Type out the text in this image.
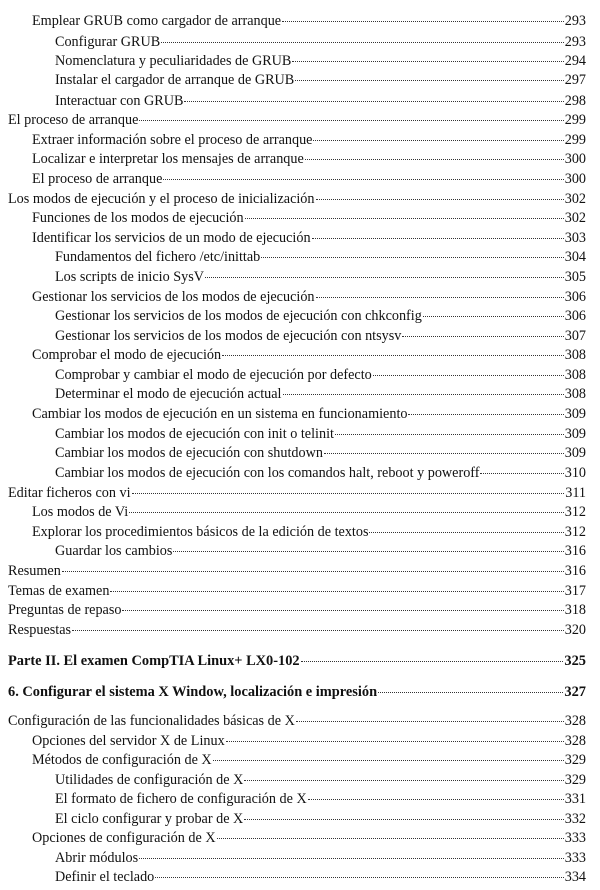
Emplear GRUB como cargador de arranque	293
Configurar GRUB	293
Nomenclatura y peculiaridades de GRUB	294
Instalar el cargador de arranque de GRUB	297
Interactuar con GRUB	298
El proceso de arranque	299
Extraer información sobre el proceso de arranque	299
Localizar e interpretar los mensajes de arranque	300
El proceso de arranque	300
Los modos de ejecución y el proceso de inicialización	302
Funciones de los modos de ejecución	302
Identificar los servicios de un modo de ejecución	303
Fundamentos del fichero /etc/inittab	304
Los scripts de inicio SysV	305
Gestionar los servicios de los modos de ejecución	306
Gestionar los servicios de los modos de ejecución con chkconfig	306
Gestionar los servicios de los modos de ejecución con ntsysv	307
Comprobar el modo de ejecución	308
Comprobar y cambiar el modo de ejecución por defecto	308
Determinar el modo de ejecución actual	308
Cambiar los modos de ejecución en un sistema en funcionamiento	309
Cambiar los modos de ejecución con init o telinit	309
Cambiar los modos de ejecución con shutdown	309
Cambiar los modos de ejecución con los comandos halt, reboot y poweroff	310
Editar ficheros con vi	311
Los modos de Vi	312
Explorar los procedimientos básicos de la edición de textos	312
Guardar los cambios	316
Resumen	316
Temas de examen	317
Preguntas de repaso	318
Respuestas	320
Parte II. El examen CompTIA Linux+ LX0-102	325
6. Configurar el sistema X Window, localización e impresión	327
Configuración de las funcionalidades básicas de X	328
Opciones del servidor X de Linux	328
Métodos de configuración de X	329
Utilidades de configuración de X	329
El formato de fichero de configuración de X	331
El ciclo configurar y probar de X	332
Opciones de configuración de X	333
Abrir módulos	333
Definir el teclado	334
